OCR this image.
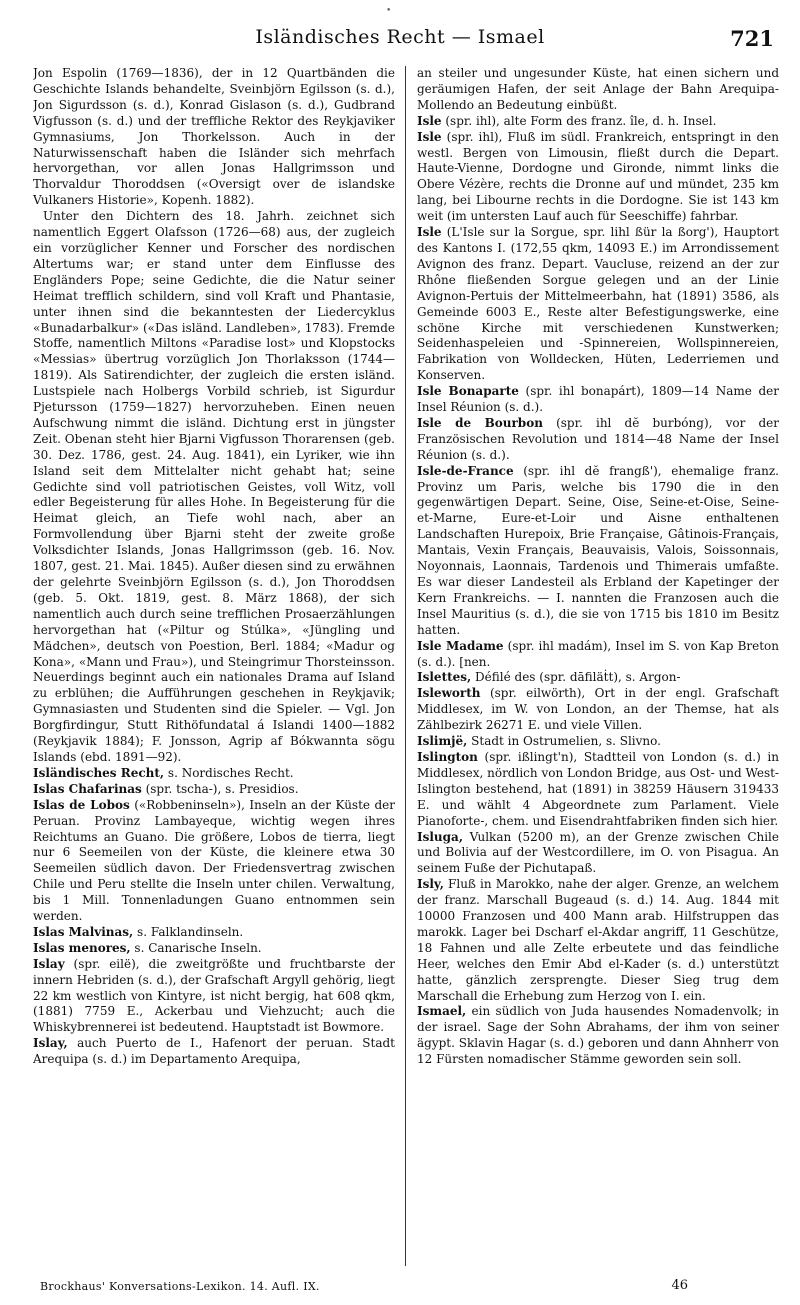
•
Isländisches Recht — Ismael	721

Jon Espolin (1769—1836), der in 12 Quartbänden die Geschichte Islands behandelte, Sveinbjörn Egilsson (s. d.), Jon Sigurdsson (s. d.), Konrad Gislason (s. d.), Gudbrand Vigfusson (s. d.) und der treffliche Rektor des Reykjaviker Gymnasiums, Jon Thorkelsson. Auch in der Naturwissenschaft haben die Isländer sich mehrfach hervorgethan, vor allen Jonas Hallgrimsson und Thorvaldur Thoroddsen («Oversigt over de islandske Vulkaners Historie», Kopenh. 1882).

Unter den Dichtern des 18. Jahrh. zeichnet sich namentlich Eggert Olafsson (1726—68) aus, der zugleich ein vorzüglicher Kenner und Forscher des nordischen Altertums war; er stand unter dem Einflusse des Engländers Pope; seine Gedichte, die die Natur seiner Heimat trefflich schildern, sind voll Kraft und Phantasie, unter ihnen sind die bekanntesten der Liedercyklus «Bunadarbalkur» («Das isländ. Landleben», 1783). Fremde Stoffe, namentlich Miltons «Paradise lost» und Klopstocks «Messias» übertrug vorzüglich Jon Thorlaksson (1744—1819). Als Satirendichter, der zugleich die ersten isländ. Lustspiele nach Holbergs Vorbild schrieb, ist Sigurdur Pjetursson (1759—1827) hervorzuheben. Einen neuen Aufschwung nimmt die isländ. Dichtung erst in jüngster Zeit. Obenan steht hier Bjarni Vigfusson Thorarensen (geb. 30. Dez. 1786, gest. 24. Aug. 1841), ein Lyriker, wie ihn Island seit dem Mittelalter nicht gehabt hat; seine Gedichte sind voll patriotischen Geistes, voll Witz, voll edler Begeisterung für alles Hohe. In Begeisterung für die Heimat gleich, an Tiefe wohl nach, aber an Formvollendung über Bjarni steht der zweite große Volksdichter Islands, Jonas Hallgrimsson (geb. 16. Nov. 1807, gest. 21. Mai. 1845). Außer diesen sind zu erwähnen der gelehrte Sveinbjörn Egilsson (s. d.), Jon Thoroddsen (geb. 5. Okt. 1819, gest. 8. März 1868), der sich namentlich auch durch seine trefflichen Prosaerzählungen hervorgethan hat («Piltur og Stúlka», «Jüngling und Mädchen», deutsch von Poestion, Berl. 1884; «Madur og Kona», «Mann und Frau»), und Steingrimur Thorsteinsson. Neuerdings beginnt auch ein nationales Drama auf Island zu erblühen; die Aufführungen geschehen in Reykjavik; Gymnasiasten und Studenten sind die Spieler. — Vgl. Jon Borgfirdingur, Stutt Rithöfundatal á Islandi 1400—1882 (Reykjavik 1884); F. Jonsson, Agrip af Bókwannta sögu Islands (ebd. 1891—92).

Isländisches Recht, s. Nordisches Recht.

Islas Chafarinas (spr. tscha-), s. Presidios.

Islas de Lobos («Robbeninseln»), Inseln an der Küste der Peruan. Provinz Lambayeque, wichtig wegen ihres Reichtums an Guano. Die größere, Lobos de tierra, liegt nur 6 Seemeilen von der Küste, die kleinere etwa 30 Seemeilen südlich davon. Der Friedensvertrag zwischen Chile und Peru stellte die Inseln unter chilen. Verwaltung, bis 1 Mill. Tonnenladungen Guano entnommen sein werden.

Islas Malvinas, s. Falklandinseln.

Islas menores, s. Canarische Inseln.

Islay (spr. eilë), die zweitgrößte und fruchtbarste der innern Hebriden (s. d.), der Grafschaft Argyll gehörig, liegt 22 km westlich von Kintyre, ist nicht bergig, hat 608 qkm, (1881) 7759 E., Ackerbau und Viehzucht; auch die Whiskybrennerei ist bedeutend. Hauptstadt ist Bowmore.

Islay, auch Puerto de I., Hafenort der peruan. Stadt Arequipa (s. d.) im Departamento Arequipa,

an steiler und ungesunder Küste, hat einen sichern und geräumigen Hafen, der seit Anlage der Bahn Arequipa-Mollendo an Bedeutung einbüßt.

Isle (spr. ihl), alte Form des franz. île, d. h. Insel.

Isle (spr. ihl), Fluß im südl. Frankreich, entspringt in den westl. Bergen von Limousin, fließt durch die Depart. Haute-Vienne, Dordogne und Gironde, nimmt links die Obere Vézère, rechts die Dronne auf und mündet, 235 km lang, bei Libourne rechts in die Dordogne. Sie ist 143 km weit (im untersten Lauf auch für Seeschiffe) fahrbar.

Isle (L'Isle sur la Sorgue, spr. lihl ßür la ßorg'), Hauptort des Kantons I. (172,55 qkm, 14093 E.) im Arrondissement Avignon des franz. Depart. Vaucluse, reizend an der zur Rhône fließenden Sorgue gelegen und an der Linie Avignon-Pertuis der Mittelmeerbahn, hat (1891) 3586, als Gemeinde 6003 E., Reste alter Befestigungswerke, eine schöne Kirche mit verschiedenen Kunstwerken; Seidenhaspeleien und -Spinnereien, Wollspinnereien, Fabrikation von Wolldecken, Hüten, Lederriemen und Konserven.

Isle Bonaparte (spr. ihl bonapárt), 1809—14 Name der Insel Réunion (s. d.).

Isle de Bourbon (spr. ihl dĕ burbóng), vor der Französischen Revolution und 1814—48 Name der Insel Réunion (s. d.).

Isle-de-France (spr. ihl dĕ frangß'), ehemalige franz. Provinz um Paris, welche bis 1790 die in den gegenwärtigen Depart. Seine, Oise, Seine-et-Oise, Seine-et-Marne, Eure-et-Loir und Aisne enthaltenen Landschaften Hurepoix, Brie Française, Gâtinois-Français, Mantais, Vexin Français, Beauvaisis, Valois, Soissonnais, Noyonnais, Laonnais, Tardenois und Thimerais umfaßte. Es war dieser Landesteil als Erbland der Kapetinger der Kern Frankreichs. — I. nannten die Franzosen auch die Insel Mauritius (s. d.), die sie von 1715 bis 1810 im Besitz hatten.

Isle Madame (spr. ihl madám), Insel im S. von Kap Breton (s. d.). [nen.

Islettes, Défilé des (spr. dāfiläṫt), s. Argon-

Isleworth (spr. eilwörth), Ort in der engl. Grafschaft Middlesex, im W. von London, an der Themse, hat als Zählbezirk 26271 E. und viele Villen.

Islimjë, Stadt in Ostrumelien, s. Slivno.

Islington (spr. ißlingt'n), Stadtteil von London (s. d.) in Middlesex, nördlich von London Bridge, aus Ost- und West-Islington bestehend, hat (1891) in 38259 Häusern 319433 E. und wählt 4 Abgeordnete zum Parlament. Viele Pianoforte-, chem. und Eisendrahtfabriken finden sich hier.

Isluga, Vulkan (5200 m), an der Grenze zwischen Chile und Bolivia auf der Westcordillere, im O. von Pisagua. An seinem Fuße der Pichutapaß.

Isly, Fluß in Marokko, nahe der alger. Grenze, an welchem der franz. Marschall Bugeaud (s. d.) 14. Aug. 1844 mit 10000 Franzosen und 400 Mann arab. Hilfstruppen das marokk. Lager bei Dscharf el-Akdar angriff, 11 Geschütze, 18 Fahnen und alle Zelte erbeutete und das feindliche Heer, welches den Emir Abd el-Kader (s. d.) unterstützt hatte, gänzlich zersprengte. Dieser Sieg trug dem Marschall die Erhebung zum Herzog von I. ein.

Ismael, ein südlich von Juda hausendes Nomadenvolk; in der israel. Sage der Sohn Abrahams, der ihm von seiner ägypt. Sklavin Hagar (s. d.) geboren und dann Ahnherr von 12 Fürsten nomadischer Stämme geworden sein soll.

Brockhaus' Konversations-Lexikon. 14. Aufl. IX.	46
